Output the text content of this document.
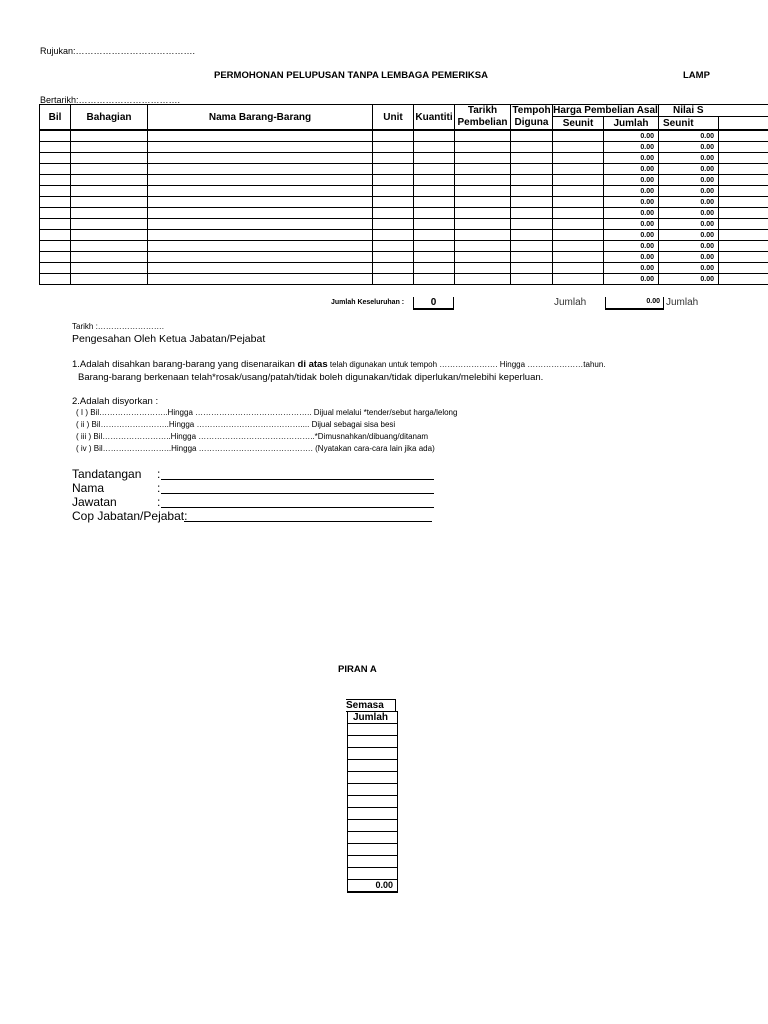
Rujukan:………………………………….
PERMOHONAN PELUPUSAN TANPA LEMBAGA PEMERIKSA	LAMP
Bertarikh:…………………………….
Bil	Bahagian	Nama Barang-Barang	Unit	Kuantiti	Tarikh	Tempoh	Harga Pembelian Asal		Nilai S	
					Pembelian	Diguna	Seunit	Jumlah	Seunit	
								0.00	0.00	
								0.00	0.00	
								0.00	0.00	
								0.00	0.00	
								0.00	0.00	
								0.00	0.00	
								0.00	0.00	
								0.00	0.00	
								0.00	0.00	
								0.00	0.00	
								0.00	0.00	
								0.00	0.00	
								0.00	0.00	
								0.00	0.00	
Jumlah Keseluruhan :	0	Jumlah	0.00 Jumlah
Tarikh :…………………….
Pengesahan Oleh Ketua Jabatan/Pejabat
1.Adalah disahkan barang-barang yang disenaraikan di atas telah digunakan untuk tempoh …………………. Hingga …………………tahun.
Barang-barang berkenaan telah*rosak/usang/patah/tidak boleh digunakan/tidak diperlukan/melebihi keperluan.
2.Adalah disyorkan :
( I ) Bil……………………..Hingga …………………………………….. Dijual melalui *tender/sebut harga/lelong
( ii ) Bil……………………..Hingga ………………………………….... Dijual sebagai sisa besi
( iii ) Bil……………………..Hingga ……………………………………..*Dimusnahkan/dibuang/ditanam
( iv ) Bil……………………..Hingga ……………………………………. (Nyatakan cara-cara lain jika ada)
Tandatangan :
Nama	:
Jawatan	:
Cop Jabatan/Pejabat:
PIRAN A
Semasa
Jumlah

0.00
